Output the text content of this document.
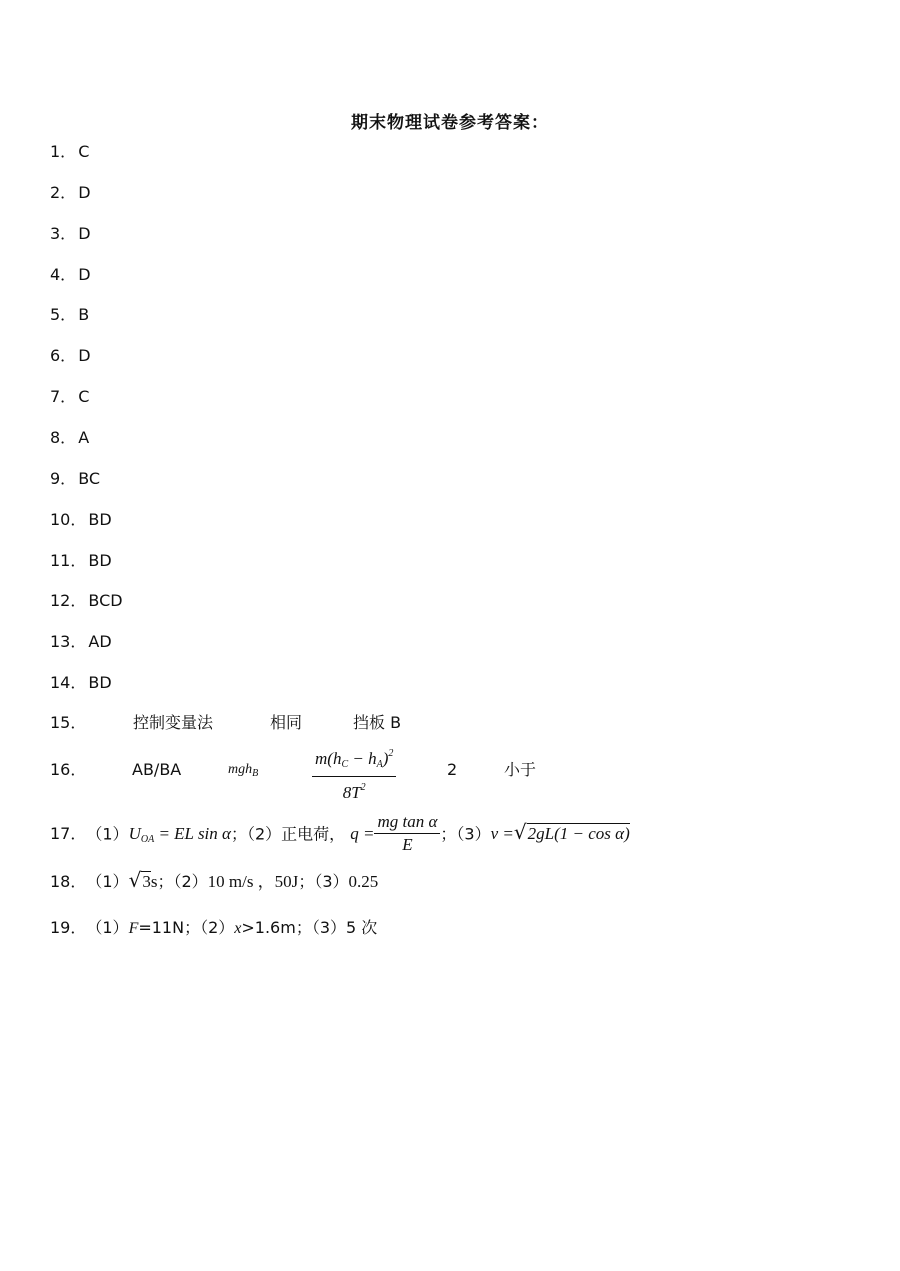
期末物理试卷参考答案：
1． C
2． D
3． D
4． D
5． B
6． D
7． C
8． A
9． BC
10． BD
11． BD
12． BCD
13． AD
14． BD
15．	控制变量法	相同	挡板 B
16．	AB/BA	mgh$_B$	$\frac{m(h_C - h_A)^2}{8T^2}$	2	小于
17．$(1)U_{OA}$ = EL sin α；（2）正电荷， $q = \frac{\text{mg tan α}}{E}$ ；（3）v =√2gL(1 − cos α)
18．（1）√3s；（2）10 m/s ，50J；（3）0.25
19．（1）F=11N；（2）x>1.6m；（3）5 次
